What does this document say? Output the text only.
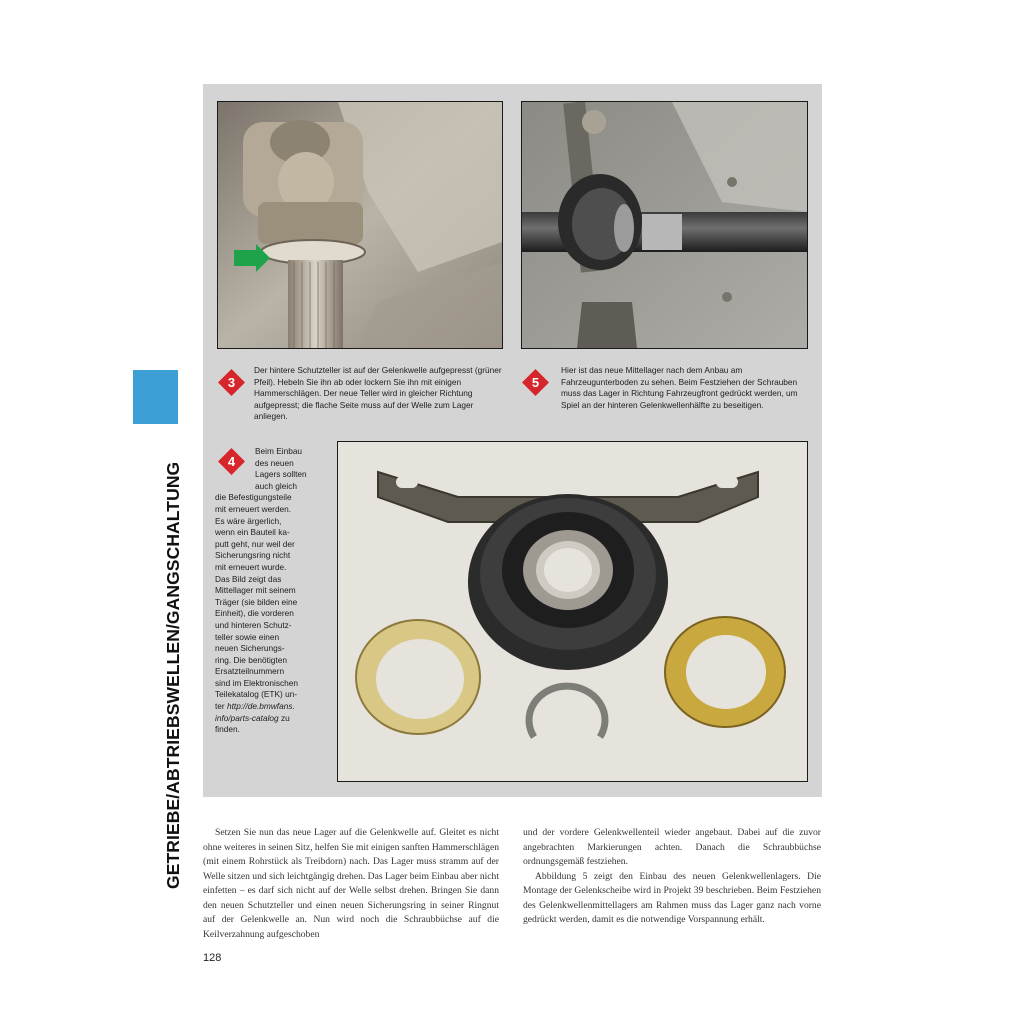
3	5
4

Der hintere Schutzteller ist auf der Gelenkwelle aufgepresst (grüner Pfeil). Hebeln Sie ihn ab oder lockern Sie ihn mit einigen Hammerschlägen. Der neue Teller wird in gleicher Richtung aufgepresst; die flache Seite muss auf der Welle zum Lager anliegen.

Hier ist das neue Mittellager nach dem Anbau am Fahrzeugunterboden zu sehen. Beim Festziehen der Schrauben muss das Lager in Richtung Fahrzeugfront gedrückt werden, um Spiel an der hinteren Gelenkwellenhälfte zu beseitigen.

Beim Einbau
des neuen
Lagers sollten
auch gleich
die Befestigungsteile
mit erneuert werden.
Es wäre ärgerlich,
wenn ein Bauteil ka-
putt geht, nur weil der
Sicherungsring nicht
mit erneuert wurde.
Das Bild zeigt das
Mittellager mit seinem
Träger (sie bilden eine
Einheit), die vorderen
und hinteren Schutz-
teller sowie einen
neuen Sicherungs-
ring. Die benötigten
Ersatzteilnummern
sind im Elektronischen
Teilekatalog (ETK) un-
ter http://de.bmwfans.
info/parts-catalog zu
finden.
GETRIEBE/ABTRIEBSWELLEN/GANGSCHALTUNG	Setzen Sie nun das neue Lager auf die Gelenkwelle auf. Gleitet es nicht ohne weiteres in seinen Sitz, helfen Sie mit einigen sanften Hammerschlägen (mit einem Rohrstück als Treibdorn) nach. Das Lager muss stramm auf der Welle sitzen und sich leichtgängig drehen. Das Lager beim Einbau aber nicht einfetten – es darf sich nicht auf der Welle selbst drehen. Bringen Sie dann den neuen Schutzteller und einen neuen Sicherungsring in seiner Ringnut auf der Gelenkwelle an. Nun wird noch die Schraubbüchse auf die Keilverzahnung aufgeschoben

und der vordere Gelenkwellenteil wieder angebaut. Dabei auf die zuvor angebrachten Markierungen achten. Danach die Schraubbüchse ordnungsgemäß festziehen.
Abbildung 5 zeigt den Einbau des neuen Gelenkwellenlagers. Die Montage der Gelenkscheibe wird in Projekt 39 beschrieben. Beim Festziehen des Gelenkwellenmittellagers am Rahmen muss das Lager ganz nach vorne gedrückt werden, damit es die notwendige Vorspannung erhält.
128
